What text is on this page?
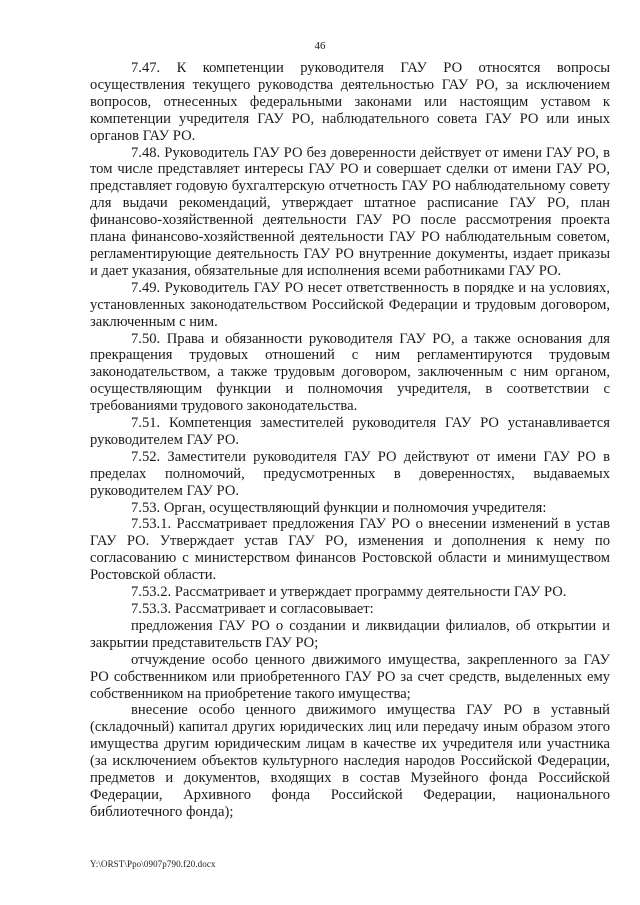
46

7.47. К компетенции руководителя ГАУ РО относятся вопросы осуществления текущего руководства деятельностью ГАУ РО, за исключением вопросов, отнесенных федеральными законами или настоящим уставом к компетенции учредителя ГАУ РО, наблюдательного совета ГАУ РО или иных органов ГАУ РО.

7.48. Руководитель ГАУ РО без доверенности действует от имени ГАУ РО, в том числе представляет интересы ГАУ РО и совершает сделки от имени ГАУ РО, представляет годовую бухгалтерскую отчетность ГАУ РО наблюдательному совету для выдачи рекомендаций, утверждает штатное расписание ГАУ РО, план финансово-хозяйственной деятельности ГАУ РО после рассмотрения проекта плана финансово-хозяйственной деятельности ГАУ РО наблюдательным советом, регламентирующие деятельность ГАУ РО внутренние документы, издает приказы и дает указания, обязательные для исполнения всеми работниками ГАУ РО.

7.49. Руководитель ГАУ РО несет ответственность в порядке и на условиях, установленных законодательством Российской Федерации и трудовым договором, заключенным с ним.

7.50. Права и обязанности руководителя ГАУ РО, а также основания для прекращения трудовых отношений с ним регламентируются трудовым законодательством, а также трудовым договором, заключенным с ним органом, осуществляющим функции и полномочия учредителя, в соответствии с требованиями трудового законодательства.

7.51. Компетенция заместителей руководителя ГАУ РО устанавливается руководителем ГАУ РО.

7.52. Заместители руководителя ГАУ РО действуют от имени ГАУ РО в пределах полномочий, предусмотренных в доверенностях, выдаваемых руководителем ГАУ РО.

7.53. Орган, осуществляющий функции и полномочия учредителя:

7.53.1. Рассматривает предложения ГАУ РО о внесении изменений в устав ГАУ РО. Утверждает устав ГАУ РО, изменения и дополнения к нему по согласованию с министерством финансов Ростовской области и минимуществом Ростовской области.

7.53.2. Рассматривает и утверждает программу деятельности ГАУ РО.

7.53.3. Рассматривает и согласовывает:

предложения ГАУ РО о создании и ликвидации филиалов, об открытии и закрытии представительств ГАУ РО;

отчуждение особо ценного движимого имущества, закрепленного за ГАУ РО собственником или приобретенного ГАУ РО за счет средств, выделенных ему собственником на приобретение такого имущества;

внесение особо ценного движимого имущества ГАУ РО в уставный (складочный) капитал других юридических лиц или передачу иным образом этого имущества другим юридическим лицам в качестве их учредителя или участника (за исключением объектов культурного наследия народов Российской Федерации, предметов и документов, входящих в состав Музейного фонда Российской Федерации, Архивного фонда Российской Федерации, национального библиотечного фонда);

Y:\ORST\Ppo\0907p790.f20.docx
